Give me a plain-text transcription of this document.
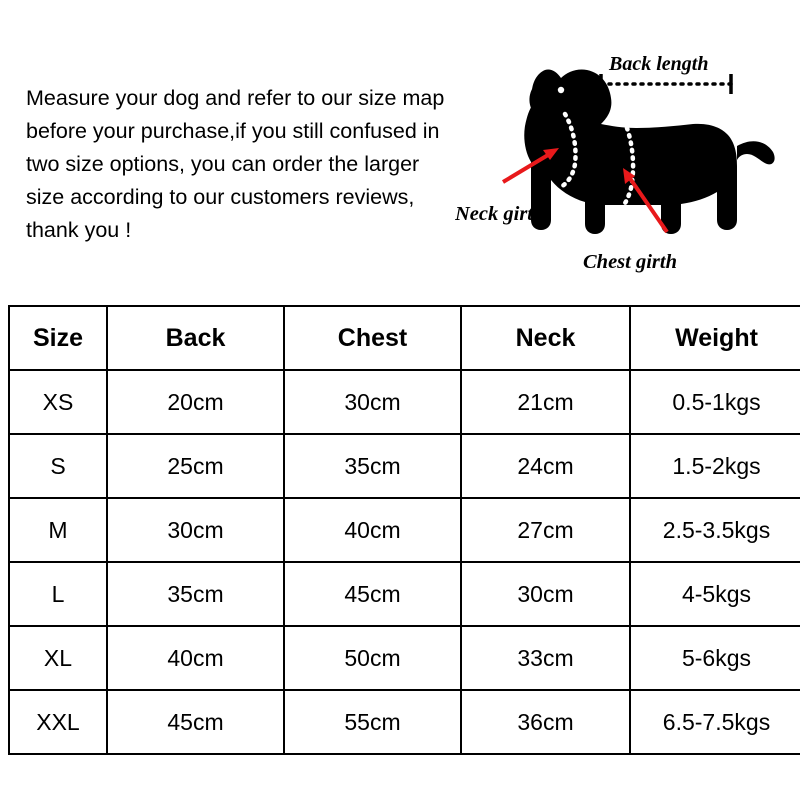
Measure your dog and refer to our size map before your purchase,if you still confused in two size options, you can order the larger size according to our customers reviews, thank you !
Back length
Neck girth
Chest girth
Size	Back	Chest	Neck	Weight
XS	20cm	30cm	21cm	0.5-1kgs
S	25cm	35cm	24cm	1.5-2kgs
M	30cm	40cm	27cm	2.5-3.5kgs
L	35cm	45cm	30cm	4-5kgs
XL	40cm	50cm	33cm	5-6kgs
XXL	45cm	55cm	36cm	6.5-7.5kgs
